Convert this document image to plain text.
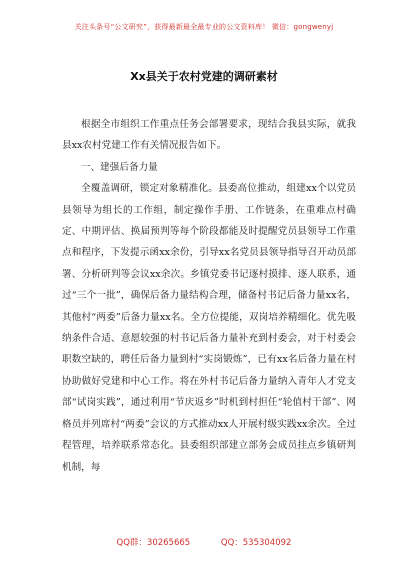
关注头条号“公文研究”，获得最新最全最专业的公文资料库！ 微信：gongwenyj
Xx县关于农村党建的调研素材

根据全市组织工作重点任务会部署要求，现结合我县实际，就我县xx农村党建工作有关情况报告如下。

一、建强后备力量

全覆盖调研，锁定对象精准化。县委高位推动，组建xx个以党员县领导为组长的工作组，制定操作手册、工作链条，在重难点村确定、中期评估、换届预判等每个阶段都能及时提醒党员县领导工作重点和程序，下发提示函xx余份，引导xx名党员县领导指导召开动员部署、分析研判等会议xx余次。乡镇党委书记逐村摸排、逐人联系，通过“三个一批”，确保后备力量结构合理，储备村书记后备力量xx名，其他村“两委”后备力量xx名。全方位提能，双岗培养精细化。优先吸纳条件合适、意愿较强的村书记后备力量补充到村委会，对于村委会职数空缺的，聘任后备力量到村“实岗锻炼”，已有xx名后备力量在村协助做好党建和中心工作。将在外村书记后备力量纳入青年人才党支部“试岗实践”，通过利用“节庆返乡”时机到村担任“轮值村干部”、网格员并列席村“两委”会议的方式推动xx人开展村级实践xx余次。全过程管理，培养联系常态化。县委组织部建立部务会成员挂点乡镇研判机制，每

QQ群：30265665	QQ：535304092
